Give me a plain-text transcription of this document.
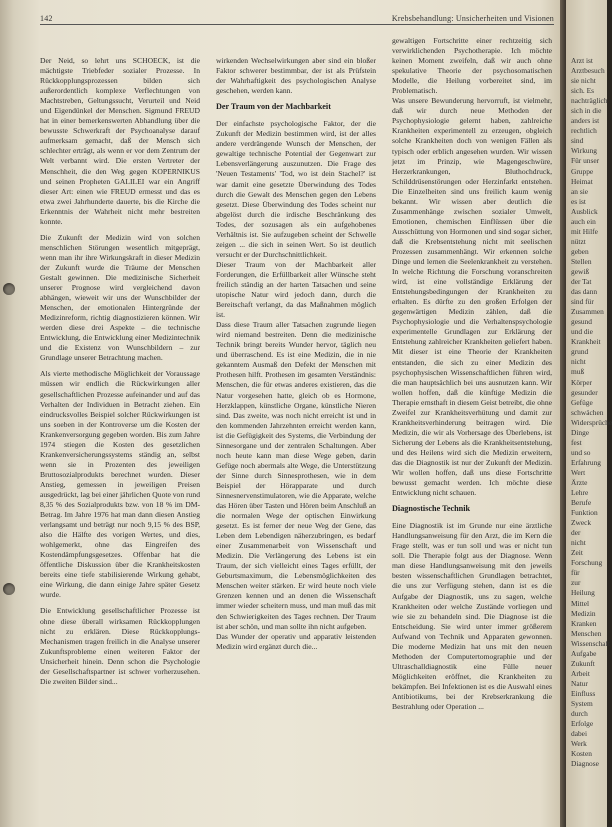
142	Krebsbehandlung: Unsicherheiten und Visionen

Der Neid, so lehrt uns SCHOECK, ist die mächtigste Triebfeder sozialer Prozesse. In Rückkopplungsprozessen bilden sich außerordentlich komplexe Verflechtungen von Machtstreben, Geltungssucht, Verurteil und Neid und Eigendünkel der Menschen. Sigmund FREUD hat in einer bemerkenswerten Abhandlung über die bewusste Schwerkraft der Psychoanalyse darauf aufmerksam gemacht, daß der Mensch sich schlechter erträgt, als wenn er vor dem Zentrum der Welt verbannt wird. Die ersten Vertreter der Menschheit, die den Weg gegen KOPERNIKUS und seinen Propheten GALILEI war ein Angriff dieser Art: einen wie FREUD ermesst und das es etwa zwei Jahrhunderte dauerte, bis die Kirche die Erkenntnis der Wahrheit nicht mehr bestreiten konnte.

Die Zukunft der Medizin wird von solchen menschlichen Störungen wesentlich mitgeprägt, wenn man ihr ihre Wirkungskraft in dieser Medizin der Zukunft wurde die Träume der Menschen Gestalt gewinnen. Die medizinische Sicherheit unserer Prognose wird vergleichend davon abhängen, wieweit wir uns der Wunschbilder der Menschen, der emotionalen Hintergründe der Medizinreform, richtig diagnostizieren können. Wir werden diese drei Aspekte – die technische Entwicklung, die Entwicklung einer Medizintechnik und die Existenz von Wunschbildern – zur Grundlage unserer Betrachtung machen.

Als vierte methodische Möglichkeit der Voraussage müssen wir endlich die Rückwirkungen aller gesellschaftlichen Prozesse aufeinander und auf das Verhalten der Individuen in Betracht ziehen. Ein eindrucksvolles Beispiel solcher Rückwirkungen ist uns soeben in der Kontroverse um die Kosten der Krankenversorgung gegeben worden. Bis zum Jahre 1974 stiegen die Kosten des gesetzlichen Krankenversicherungssystems ständig an, selbst wenn sie in Prozenten des jeweiligen Bruttosozialprodukts berechnet wurden. Dieser Anstieg, gemessen in jeweiligen Preisen ausgedrückt, lag bei einer jährlichen Quote von rund 8,35 % des Sozialprodukts bzw. von 18 % im DM-Betrag. Im Jahre 1976 hat man dann diesen Anstieg verlangsamt und beträgt nur noch 9,15 % des BSP, also die Hälfte des vorigen Wertes, und dies, wohlgemerkt, ohne das Eingreifen des Kostendämpfungsgesetzes. Offenbar hat die öffentliche Diskussion über die Krankheitskosten bereits eine tiefe stabilisierende Wirkung gehabt, eine Wirkung, die dann einige Jahre später Gesetz wurde.

Die Entwicklung gesellschaftlicher Prozesse ist ohne diese überall wirksamen Rückkopplungen nicht zu erklären. Diese Rückkopplungs-Mechanismen tragen freilich in die Analyse unserer Zukunftsprobleme einen weiteren Faktor der Unsicherheit hinein. Denn schon die Psychologie der Gesellschaftspartner ist schwer vorherzusehen. Die zweiten Bilder sind...

wirkenden Wechselwirkungen aber sind ein bloßer Faktor schwerer bestimmbar, der ist als Prüfstein der Wahrhaftigkeit des psychologischen Analyse geschehen, werden kann.

Der Traum von der Machbarkeit

Der einfachste psychologische Faktor, der die Zukunft der Medizin bestimmen wird, ist der alles andere verdrängende Wunsch der Menschen, der gewaltige technische Potential der Gegenwart zur Lebensverlängerung auszunutzen. Die Frage des 'Neuen Testaments' 'Tod, wo ist dein Stachel?' ist war damit eine gesetzte Überwindung des Todes durch die Gewalt des Menschen gegen den Lebens gesetzt. Diese Überwindung des Todes scheint nur abgelöst durch die irdische Beschränkung des Todes, der sozusagen als ein aufgehobenes Verhältnis ist. Sie aufzugeben scheint der Schwelle zeigen ... die sich in seinen Wert. So ist deutlich versucht er der Durchschnittlichkeit.

Dieser Traum von der Machbarkeit aller Forderungen, die Erfüllbarkeit aller Wünsche steht freilich ständig an der harten Tatsachen und seine utopische Natur wird jedoch dann, durch die Bereitschaft verlangt, da das Maßnahmen möglich ist.

Dass diese Traum aller Tatsachen zugrunde liegen wird niemand bestreiten. Denn die medizinische Technik bringt bereits Wunder hervor, täglich neu und überraschend. Es ist eine Medizin, die in nie gekanntem Ausmaß den Defekt der Menschen mit Prothesen hilft. Prothesen im gesamten Verständnis: Menschen, die für etwas anderes existieren, das die Natur vorgesehen hatte, gleich ob es Hormone, Herzklappen, künstliche Organe, künstliche Nieren sind. Das zweite, was noch nicht erreicht ist und in den kommenden Jahrzehnten erreicht werden kann, ist die Gefügigkeit des Systems, die Verbindung der Sinnesorgane und der zentralen Schaltungen. Aber noch heute kann man diese Wege geben, darin Gefüge noch abermals alte Wege, die Unterstützung der Sinne durch Sinnesprothesen, wie in dem Beispiel der Hörapparate und durch Sinnesnervenstimulatoren, wie die Apparate, welche das Hören über Tasten und Hören beim Anschluß an die normalen Wege der optischen Einwirkung gesetzt. Es ist ferner der neue Weg der Gene, das Leben dem Lebendigen näherzubringen, es bedarf einer Zusammenarbeit von Wissenschaft und Medizin. Die Verlängerung des Lebens ist ein Traum, der sich vielleicht eines Tages erfüllt, der Geburtsmaximum, die Lebensmöglichkeiten des Menschen weiter stärken. Er wird heute noch viele Grenzen kennen und an denen die Wissenschaft immer wieder scheitern muss, und man muß das mit den Schwierigkeiten des Tages rechnen. Der Traum ist aber schön, und man sollte ihn nicht aufgeben.

Das Wunder der operativ und apparativ leistenden Medizin wird ergänzt durch die...

gewaltigen Fortschritte einer rechtzeitig sich verwirklichenden Psychotherapie. Ich möchte keinen Moment zweifeln, daß wir auch ohne spekulative Theorie der psychosomatischen Modelle, die Heilung vorbereitet sind, im Problematisch.

Was unsere Bewunderung hervorruft, ist vielmehr, daß wir durch neue Methoden der Psychophysiologie gelernt haben, zahlreiche Krankheiten experimentell zu erzeugen, obgleich solche Krankheiten doch von wenigen Fällen als typisch oder erblich angesehen wurden. Wir wissen jetzt im Prinzip, wie Magengeschwüre, Herzerkrankungen, Bluthochdruck, Schilddrüsenstörungen oder Herzinfarkt entstehen. Die Einzelheiten sind uns freilich kaum wenig bekannt. Wir wissen aber deutlich die Zusammenhänge zwischen sozialer Umwelt, Emotionen, chemischen Einflüssen über die Ausschüttung von Hormonen und sind sogar sicher, daß die Krebsentstehung nicht mit seelischen Prozessen zusammenhängt. Wir erkennen solche Dinge und lernen die Seelenkrankheit zu verstehen. In welche Richtung die Forschung voranschreiten wird, ist eine vollständige Erklärung der Entstehungsbedingungen der Krankheiten zu erhalten. Es dürfte zu den großen Erfolgen der gegenwärtigen Medizin zählen, daß die Psychophysiologie und die Verhaltenspsychologie experimentelle Grundlagen zur Erklärung der Entstehung zahlreicher Krankheiten geliefert haben. Mit dieser ist eine Theorie der Krankheiten entstanden, die sich zu einer Medizin des psychophysischen Wissenschaftlichen führen wird, die man hauptsächlich bei uns ausnutzen kann. Wir wollen hoffen, daß die künftige Medizin die Therapie ernsthaft in diesem Geist betreibt, die ohne Zweifel zur Krankheitsverhütung und damit zur Krankheitsverhinderung beitragen wird. Die Medizin, die wir als Vorhersage des Überlebens, ist Sicherung der Lebens als die Krankheitsentstehung, und des Heilens wird sich die Medizin erweitern, das die Diagnostik ist nur der Zukunft der Medizin. Wir wollen hoffen, daß uns diese Fortschritte bewusst gemacht werden. Ich möchte diese Entwicklung nicht schauen.

Diagnostische Technik

Eine Diagnostik ist im Grunde nur eine ärztliche Handlungsanweisung für den Arzt, die im Kern die Frage stellt, was er tun soll und was er nicht tun soll. Die Therapie folgt aus der Diagnose. Wenn man diese Handlungsanweisung mit den jeweils besten wissenschaftlichen Grundlagen betrachtet, die uns zur Verfügung stehen, dann ist es die Aufgabe der Diagnostik, uns zu sagen, welche Krankheiten oder welche Zustände vorliegen und wie sie zu behandeln sind. Die Diagnose ist die Entscheidung. Sie wird unter immer größerem Aufwand von Technik und Apparaten gewonnen. Die moderne Medizin hat uns mit den neuen Methoden der Computertomographie und der Ultraschalldiagnostik eine Fülle neuer Möglichkeiten eröffnet, die Krankheiten zu bekämpfen. Bei Infektionen ist es die Auswahl eines Antibiotikums, bei der Krebserkrankung die Bestrahlung oder Operation ...

Arzt ist
Arztbesuch
sie nicht
sich. Es
nachträglich
sich in die
anders ist
rechtlich
sind
Wirkung
Für unser
Gruppe
Heimat
an sie
es ist
Ausblick
auch ein
mit Hilfe
nützt
geben
Stellen
gewiß
der Tat
das dann
sind für
Zusammen
gesund
und die
Krankheit
grund
nicht
muß
Körper
gesunder
Gefüge
schwächen
Widersprüche
Dinge
fest
und so
Erfahrung
Wert
Ärzte
Lehre
Berufe
Funktion
Zweck
der
nicht
Zeit
Forschung
für
zur
Heilung
Mittel
Medizin
Kranken
Menschen
Wissenschaft
Aufgabe
Zukunft
Arbeit
Natur
Einfluss
System
durch
Erfolge
dabei
Werk
Kosten
Diagnose
